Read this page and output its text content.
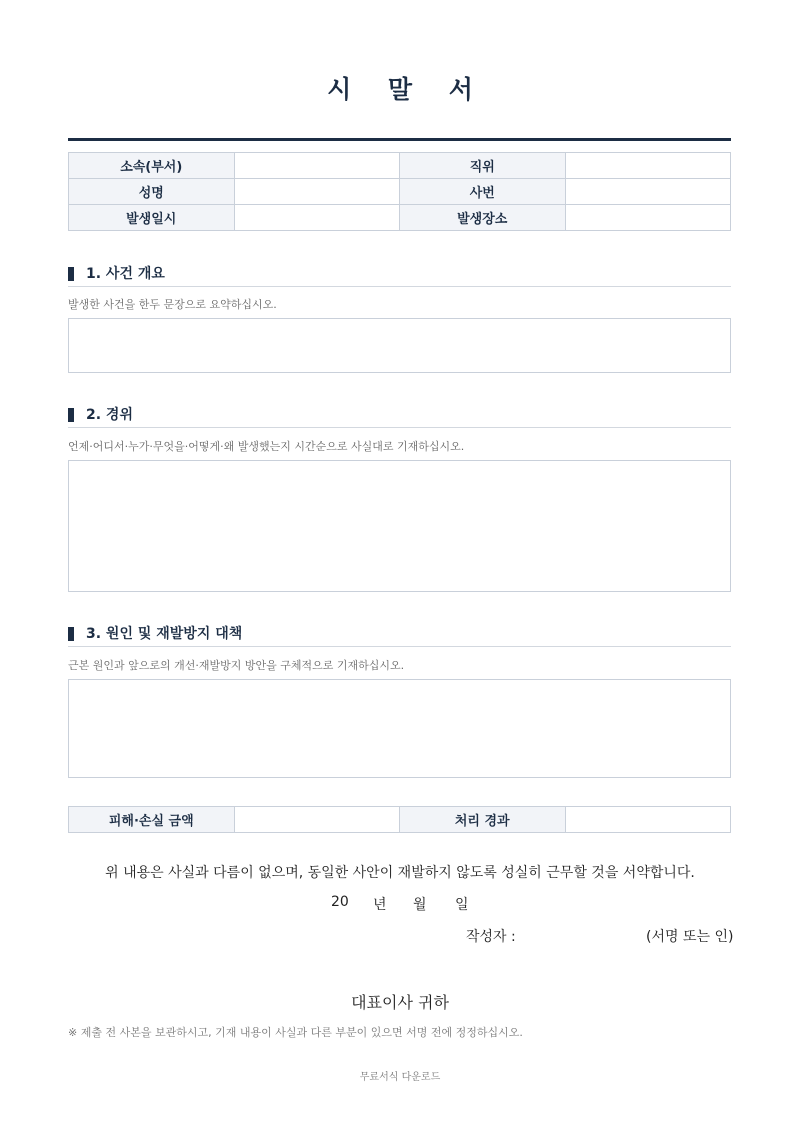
시 말 서
소속(부서)		직위	
성명		사번	
발생일시		발생장소	
1. 사건 개요
발생한 사건을 한두 문장으로 요약하십시오.
2. 경위
언제·어디서·누가·무엇을·어떻게·왜 발생했는지 시간순으로 사실대로 기재하십시오.
3. 원인 및 재발방지 대책
근본 원인과 앞으로의 개선·재발방지 방안을 구체적으로 기재하십시오.
피해·손실 금액		처리 경과	
위 내용은 사실과 다름이 없으며, 동일한 사안이 재발하지 않도록 성실히 근무할 것을 서약합니다.
20 년 월 일
작성자 :	(서명 또는 인)
대표이사 귀하
※ 제출 전 사본을 보관하시고, 기재 내용이 사실과 다른 부분이 있으면 서명 전에 정정하십시오.
무료서식 다운로드
